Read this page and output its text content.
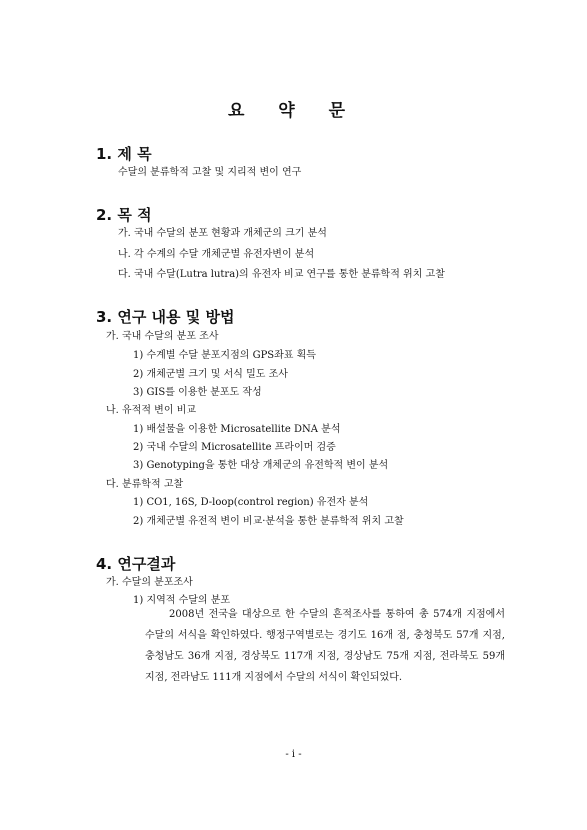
요 약 문
1. 제 목
수달의 분류학적 고찰 및 지리적 변이 연구
2. 목 적
가. 국내 수달의 분포 현황과 개체군의 크기 분석
나. 각 수계의 수달 개체군별 유전자변이 분석
다. 국내 수달(Lutra lutra)의 유전자 비교 연구를 통한 분류학적 위치 고찰
3. 연구 내용 및 방법
가. 국내 수달의 분포 조사
1) 수계별 수달 분포지점의 GPS좌표 획득
2) 개체군별 크기 및 서식 밀도 조사
3) GIS를 이용한 분포도 작성
나. 유적적 변이 비교
1) 배설물을 이용한 Microsatellite DNA 분석
2) 국내 수달의 Microsatellite 프라이머 검증
3) Genotyping을 통한 대상 개체군의 유전학적 변이 분석
다. 분류학적 고찰
1) CO1, 16S, D-loop(control region) 유전자 분석
2) 개체군별 유전적 변이 비교·분석을 통한 분류학적 위치 고찰
4. 연구결과
가. 수달의 분포조사
1) 지역적 수달의 분포
2008년 전국을 대상으로 한 수달의 흔적조사를 통하여 총 574개 지점에서 수달의 서식을 확인하였다. 행정구역별로는 경기도 16개 점, 충청북도 57개 지점, 충청남도 36개 지점, 경상북도 117개 지점, 경상남도 75개 지점, 전라북도 59개 지점, 전라남도 111개 지점에서 수달의 서식이 확인되었다.
- i -
